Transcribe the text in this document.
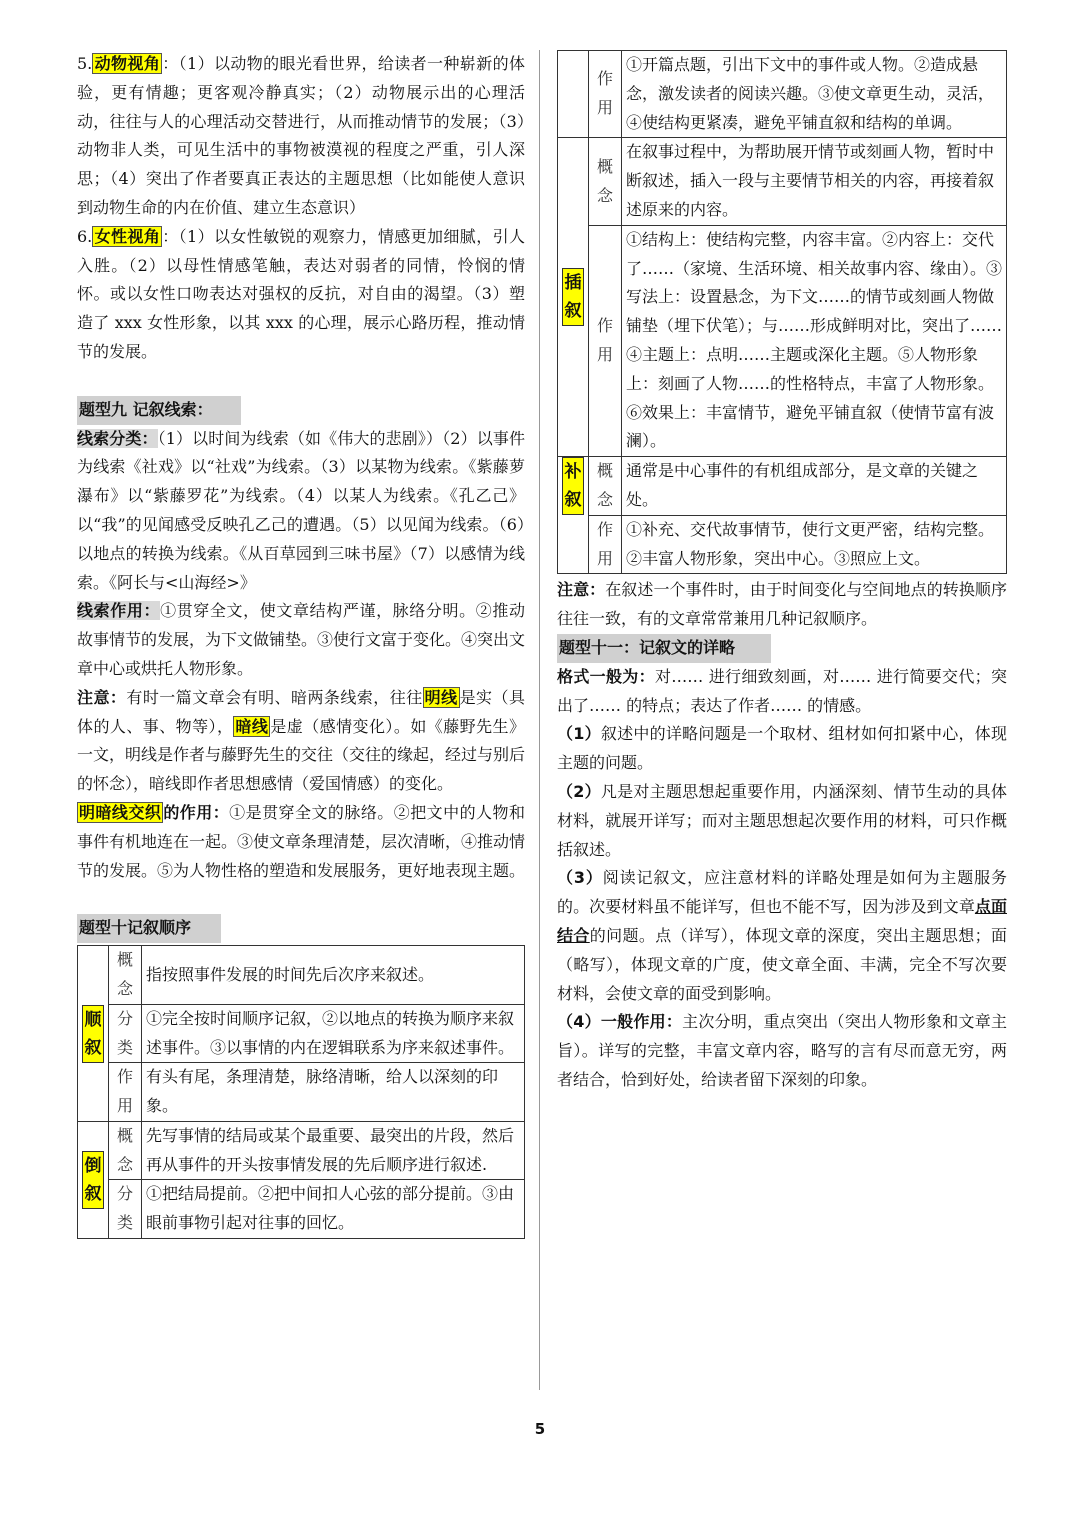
5. 动物视角 ：（1）以动物的眼光看世界，给读者一种崭新的体验，更有情趣；更客观冷静真实；（2）动物展示出的心理活动，往往与人的心理活动交替进行，从而推动情节的发展；（3）动物非人类，可见生活中的事物被漠视的程度之严重，引人深思；（4）突出了作者要真正表达的主题思想（比如能使人意识到动物生命的内在价值、建立生态意识）

6. 女性视角 ：（1）以女性敏锐的观察力，情感更加细腻，引人入胜。（2）以母性情感笔触，表达对弱者的同情，怜悯的情怀。或以女性口吻表达对强权的反抗，对自由的渴望。（3）塑造了 xxx 女性形象，以其 xxx 的心理，展示心路历程，推动情节的发展。

题型九 记叙线索：

线索分类：（1）以时间为线索（如《伟大的悲剧》）（2）以事件为线索《社戏》以“社戏”为线索。（3）以某物为线索。《紫藤萝瀑布》以“紫藤罗花”为线索。（4）以某人为线索。《孔乙己》以“我”的见闻感受反映孔乙己的遭遇。（5）以见闻为线索。（6）以地点的转换为线索。《从百草园到三味书屋》（7）以感情为线索。《阿长与<山海经>》

线索作用：①贯穿全文，使文章结构严谨，脉络分明。②推动故事情节的发展，为下文做铺垫。③使行文富于变化。④突出文章中心或烘托人物形象。

注意：有时一篇文章会有明、暗两条线索，往往 明线 是实（具体的人、事、物等）， 暗线 是虚（感情变化）。如《藤野先生》一文，明线是作者与藤野先生的交往（交往的缘起，经过与别后的怀念），暗线即作者思想感情（爱国情感）的变化。

明暗线交织 的作用：①是贯穿全文的脉络。②把文中的人物和事件有机地连在一起。③使文章条理清楚，层次清晰，④推动情节的发展。⑤为人物性格的塑造和发展服务，更好地表现主题。

题型十记叙顺序

顺叙	概念	指按照事件发展的时间先后次序来叙述。
	分类	①完全按时间顺序记叙，②以地点的转换为顺序来叙述事件。③以事情的内在逻辑联系为序来叙述事件。
	作用	有头有尾，条理清楚，脉络清晰，给人以深刻的印象。
倒叙	概念	先写事情的结局或某个最重要、最突出的片段，然后再从事件的开头按事情发展的先后顺序进行叙述.
	分类	①把结局提前。②把中间扣人心弦的部分提前。③由眼前事物引起对往事的回忆。
	作用	①开篇点题，引出下文中的事件或人物。②造成悬念，激发读者的阅读兴趣。③使文章更生动，灵活，④使结构更紧凑，避免平铺直叙和结构的单调。
插叙	概念	在叙事过程中，为帮助展开情节或刻画人物，暂时中断叙述，插入一段与主要情节相关的内容，再接着叙述原来的内容。
	作用	①结构上：使结构完整，内容丰富。②内容上：交代了……（家境、生活环境、相关故事内容、缘由）。③写法上：设置悬念，为下文……的情节或刻画人物做铺垫（埋下伏笔）；与……形成鲜明对比，突出了……④主题上：点明……主题或深化主题。⑤人物形象上：刻画了人物……的性格特点，丰富了人物形象。⑥效果上：丰富情节，避免平铺直叙（使情节富有波澜）。
补叙	概念	通常是中心事件的有机组成部分，是文章的关键之处。
	作用	①补充、交代故事情节，使行文更严密，结构完整。②丰富人物形象，突出中心。③照应上文。

注意：在叙述一个事件时，由于时间变化与空间地点的转换顺序往往一致，有的文章常常兼用几种记叙顺序。

题型十一：记叙文的详略

格式一般为：对…… 进行细致刻画，对…… 进行简要交代；突出了…… 的特点；表达了作者…… 的情感。

（1）叙述中的详略问题是一个取材、组材如何扣紧中心，体现主题的问题。

（2）凡是对主题思想起重要作用，内涵深刻、情节生动的具体材料，就展开详写；而对主题思想起次要作用的材料，可只作概括叙述。

（3）阅读记叙文，应注意材料的详略处理是如何为主题服务的。次要材料虽不能详写，但也不能不写，因为涉及到文章点面结合的问题。点（详写），体现文章的深度，突出主题思想；面（略写），体现文章的广度，使文章全面、丰满，完全不写次要材料，会使文章的面受到影响。

（4）一般作用：主次分明，重点突出（突出人物形象和文章主旨）。详写的完整，丰富文章内容，略写的言有尽而意无穷，两者结合，恰到好处，给读者留下深刻的印象。

5
